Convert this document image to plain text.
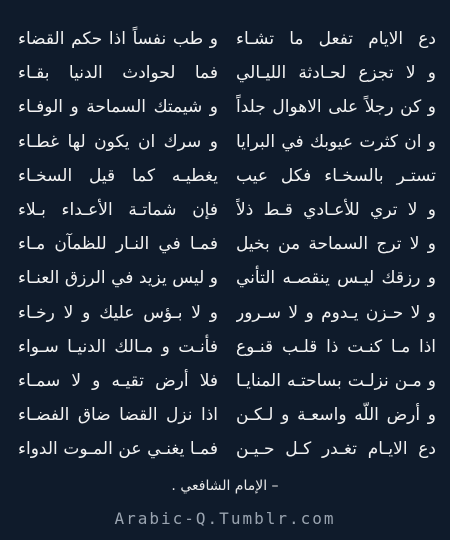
دع الايام تفعل ما تشـاء
و طب نفساً اذا حكم القضاء
و لا تجزع لحـادثة الليـالي
فما لحوادث الدنيا بقـاء
و كن رجلاً على الاهوال جلداً
و شيمتك السماحة و الوفـاء
و ان كثرت عيوبك في البرايا
و سرك ان يكون لها غطـاء
تستـر بالسخـاء فكل عيب
يغطيـه كما قيل السخـاء
و لا تري للأعـادي قـط ذلاً
فإن شماتـة الأعـداء بـلاء
و لا ترج السماحة من بخيل
فمـا في النـار للظمآن مـاء
و رزقك ليـس ينقصـه التأني
و ليس يزيد في الرزق العنـاء
و لا حـزن يـدوم و لا سـرور
و لا بـؤس عليك و لا رخـاء
اذا مـا كنـت ذا قلـب قنـوع
فأنـت و مـالك الدنيـا سـواء
و مـن نزلـت بساحتـه المنايـا
فلا أرض تقيـه و لا سمـاء
و أرض اللّه واسعـة و لـكـن
اذا نزل القضا ضاق الفضـاء
دع الايـام تغـدر كـل حـيـن
فمـا يغنـي عن المـوت الدواء
– الإمام الشافعي .
Arabic-Q.Tumblr.com
